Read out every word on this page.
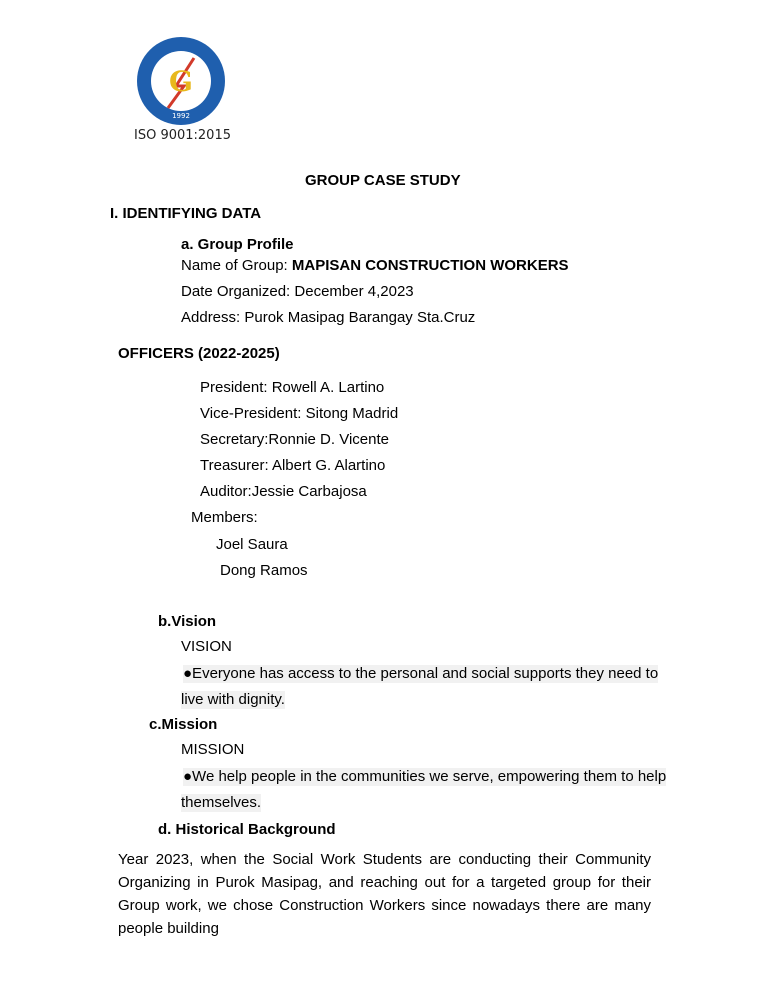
G
1992
ISO 9001:2015
GROUP CASE STUDY
I. IDENTIFYING DATA
a. Group Profile
Name of Group: MAPISAN CONSTRUCTION WORKERS
Date Organized: December 4,2023
Address: Purok Masipag Barangay Sta.Cruz
OFFICERS (2022-2025)
President: Rowell A. Lartino
Vice-President: Sitong Madrid
Secretary:Ronnie D. Vicente
Treasurer: Albert G. Alartino
Auditor:Jessie Carbajosa
Members:
Joel Saura
Dong Ramos
b.Vision
VISION
●Everyone has access to the personal and social supports they need to
live with dignity.
c.Mission
MISSION
●We help people in the communities we serve, empowering them to help
themselves.
d. Historical Background
Year 2023, when the Social Work Students are conducting their Community Organizing in Purok Masipag, and reaching out for a targeted group for their Group work, we chose Construction Workers since nowadays there are many people building
